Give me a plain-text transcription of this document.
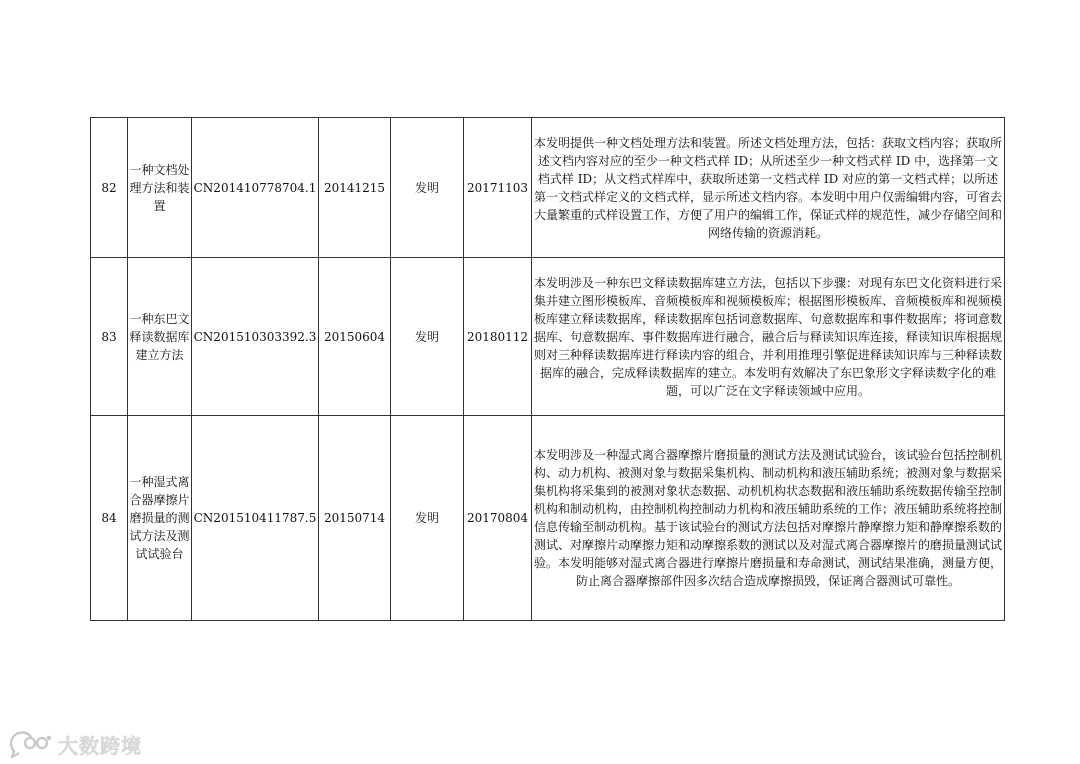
82	一种文档处理方法和装置	CN201410778704.1	20141215	发明	20171103	本发明提供一种文档处理方法和装置。所述文档处理方法，包括：获取文档内容；获取所述文档内容对应的至少一种文档式样 ID；从所述至少一种文档式样 ID 中，选择第一文档式样 ID；从文档式样库中，获取所述第一文档式样 ID 对应的第一文档式样；以所述第一文档式样定义的文档式样，显示所述文档内容。本发明中用户仅需编辑内容，可省去大量繁重的式样设置工作，方便了用户的编辑工作，保证式样的规范性，减少存储空间和网络传输的资源消耗。
83	一种东巴文释读数据库建立方法	CN201510303392.3	20150604	发明	20180112	本发明涉及一种东巴文释读数据库建立方法，包括以下步骤：对现有东巴文化资料进行采集并建立图形模板库、音频模板库和视频模板库；根据图形模板库、音频模板库和视频模板库建立释读数据库，释读数据库包括词意数据库、句意数据库和事件数据库；将词意数据库、句意数据库、事件数据库进行融合，融合后与释读知识库连接，释读知识库根据规则对三种释读数据库进行释读内容的组合，并利用推理引擎促进释读知识库与三种释读数据库的融合，完成释读数据库的建立。本发明有效解决了东巴象形文字释读数字化的难题，可以广泛在文字释读领域中应用。
84	一种湿式离合器摩擦片磨损量的测试方法及测试试验台	CN201510411787.5	20150714	发明	20170804	本发明涉及一种湿式离合器摩擦片磨损量的测试方法及测试试验台，该试验台包括控制机构、动力机构、被测对象与数据采集机构、制动机构和液压辅助系统；被测对象与数据采集机构将采集到的被测对象状态数据、动机机构状态数据和液压辅助系统数据传输至控制机构和制动机构，由控制机构控制动力机构和液压辅助系统的工作；液压辅助系统将控制信息传输至制动机构。基于该试验台的测试方法包括对摩擦片静摩擦力矩和静摩擦系数的测试、对摩擦片动摩擦力矩和动摩擦系数的测试以及对湿式离合器摩擦片的磨损量测试试验。本发明能够对湿式离合器进行摩擦片磨损量和寿命测试，测试结果准确，测量方便，防止离合器摩擦部件因多次结合造成摩擦损毁，保证离合器测试可靠性。
大数跨境
